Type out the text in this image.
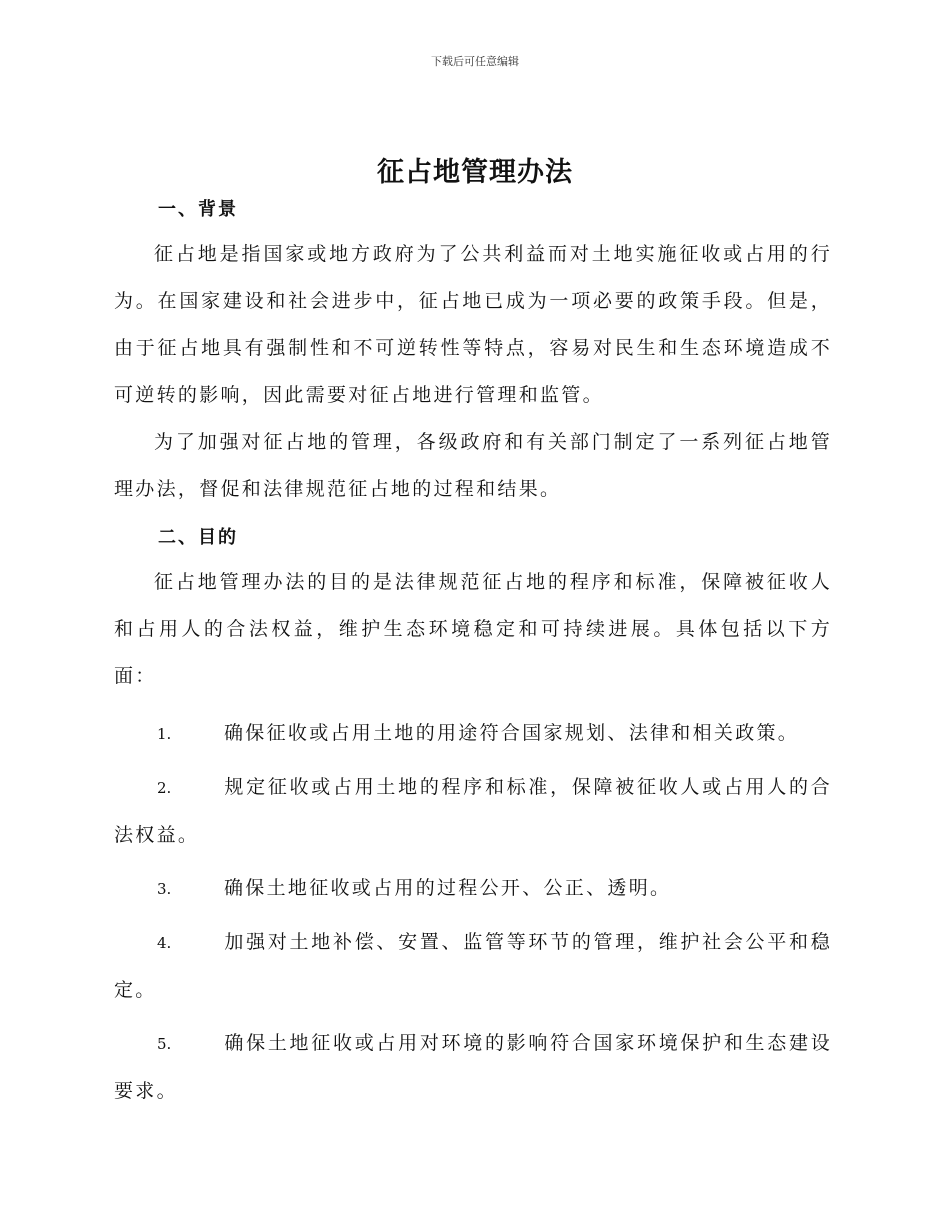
下载后可任意编辑
征占地管理办法
一、背景

征占地是指国家或地方政府为了公共利益而对土地实施征收或占用的行为。在国家建设和社会进步中，征占地已成为一项必要的政策手段。但是，由于征占地具有强制性和不可逆转性等特点，容易对民生和生态环境造成不可逆转的影响，因此需要对征占地进行管理和监管。

为了加强对征占地的管理，各级政府和有关部门制定了一系列征占地管理办法，督促和法律规范征占地的过程和结果。

二、目的

征占地管理办法的目的是法律规范征占地的程序和标准，保障被征收人和占用人的合法权益，维护生态环境稳定和可持续进展。具体包括以下方面：

1.	确保征收或占用土地的用途符合国家规划、法律和相关政策。

2.	规定征收或占用土地的程序和标准，保障被征收人或占用人的合法权益。

3.	确保土地征收或占用的过程公开、公正、透明。

4.	加强对土地补偿、安置、监管等环节的管理，维护社会公平和稳定。

5.	确保土地征收或占用对环境的影响符合国家环境保护和生态建设要求。
